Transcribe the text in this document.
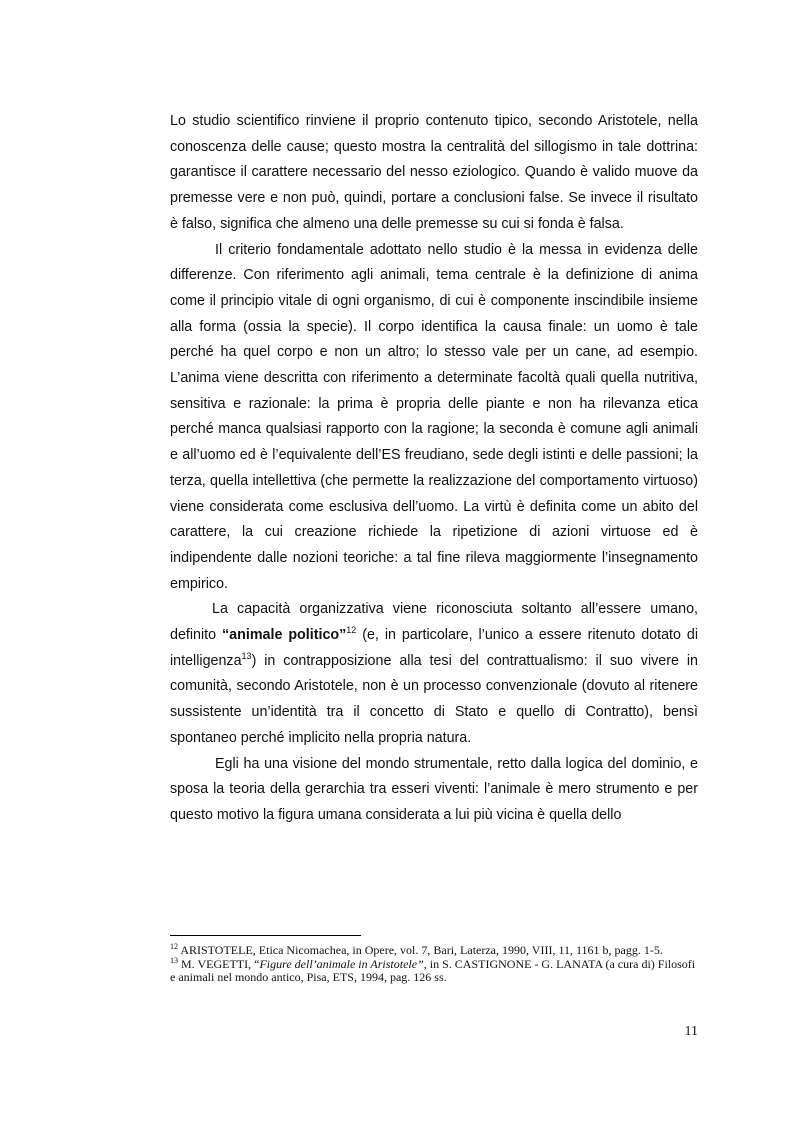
Lo studio scientifico rinviene il proprio contenuto tipico, secondo Aristotele, nella conoscenza delle cause; questo mostra la centralità del sillogismo in tale dottrina: garantisce il carattere necessario del nesso eziologico. Quando è valido muove da premesse vere e non può, quindi, portare a conclusioni false. Se invece il risultato è falso, significa che almeno una delle premesse su cui si fonda è falsa.

Il criterio fondamentale adottato nello studio è la messa in evidenza delle differenze. Con riferimento agli animali, tema centrale è la definizione di anima come il principio vitale di ogni organismo, di cui è componente inscindibile insieme alla forma (ossia la specie). Il corpo identifica la causa finale: un uomo è tale perché ha quel corpo e non un altro; lo stesso vale per un cane, ad esempio. L’anima viene descritta con riferimento a determinate facoltà quali quella nutritiva, sensitiva e razionale: la prima è propria delle piante e non ha rilevanza etica perché manca qualsiasi rapporto con la ragione; la seconda è comune agli animali e all’uomo ed è l’equivalente dell’ES freudiano, sede degli istinti e delle passioni; la terza, quella intellettiva (che permette la realizzazione del comportamento virtuoso) viene considerata come esclusiva dell’uomo. La virtù è definita come un abito del carattere, la cui creazione richiede la ripetizione di azioni virtuose ed è indipendente dalle nozioni teoriche: a tal fine rileva maggiormente l’insegnamento empirico.

La capacità organizzativa viene riconosciuta soltanto all’essere umano, definito “animale politico”$^{12}$ (e, in particolare, l’unico a essere ritenuto dotato di intelligenza$^{13}$) in contrapposizione alla tesi del contrattualismo: il suo vivere in comunità, secondo Aristotele, non è un processo convenzionale (dovuto al ritenere sussistente un’identità tra il concetto di Stato e quello di Contratto), bensì spontaneo perché implicito nella propria natura.

Egli ha una visione del mondo strumentale, retto dalla logica del dominio, e sposa la teoria della gerarchia tra esseri viventi: l’animale è mero strumento e per questo motivo la figura umana considerata a lui più vicina è quella dello

$^{12}$ ARISTOTELE, Etica Nicomachea, in Opere, vol. 7, Bari, Laterza, 1990, VIII, 11, 1161 b, pagg. 1-5.

$^{13}$ M. VEGETTI, “Figure dell’animale in Aristotele”, in S. CASTIGNONE - G. LANATA (a cura di) Filosofi e animali nel mondo antico, Pisa, ETS, 1994, pag. 126 ss.

11
